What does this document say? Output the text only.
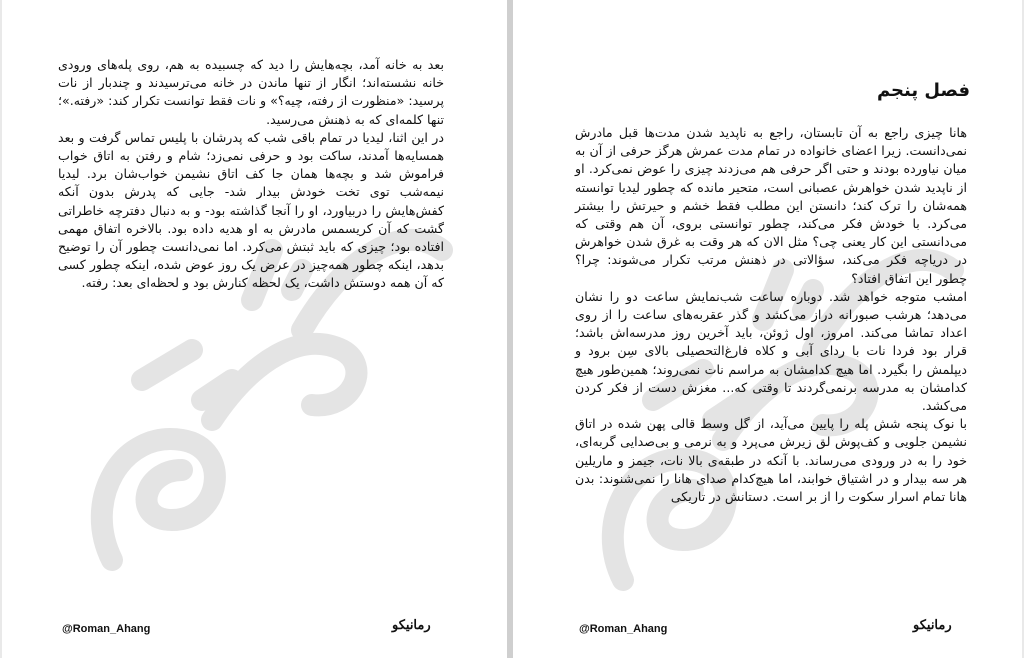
بعد به خانه آمد، بچه‌هایش را دید که چسبیده به هم، روی پله‌های ورودی خانه نشسته‌اند؛ انگار از تنها ماندن در خانه می‌ترسیدند و چندبار از نات پرسید: «منظورت از رفته، چیه؟» و نات فقط توانست تکرار کند: «رفته.»؛ تنها کلمه‌ای که به ذهنش می‌رسید.

در این اثنا، لیدیا در تمام باقی شب که پدرشان با پلیس تماس گرفت و بعد همسایه‌ها آمدند، ساکت بود و حرفی نمی‌زد؛ شام و رفتن به اتاق خواب فراموش شد و بچه‌ها همان جا کف اتاق نشیمن خواب‌شان برد. لیدیا نیمه‌شب توی تخت خودش بیدار شد- جایی که پدرش بدون آنکه کفش‌هایش را دربیاورد، او را آنجا گذاشته بود- و به دنبال دفترچه خاطراتی گشت که آن کریسمس مادرش به او هدیه داده بود. بالاخره اتفاق مهمی افتاده بود؛ چیزی که باید ثبتش می‌کرد. اما نمی‌دانست چطور آن را توضیح بدهد، اینکه چطور همه‌چیز در عرض یک روز عوض شده، اینکه چطور کسی که آن همه دوستش داشت، یک لحظه کنارش بود و لحظه‌ای بعد: رفته.

@Roman_Ahang	رمانیکو
فصل پنجم

هانا چیزی راجع به آن تابستان، راجع به ناپدید شدن مدت‌ها قبل مادرش نمی‌دانست. زیرا اعضای خانواده در تمام مدت عمرش هرگز حرفی از آن به میان نیاورده بودند و حتی اگر حرفی هم می‌زدند چیزی را عوض نمی‌کرد. او از ناپدید شدن خواهرش عصبانی است، متحیر مانده که چطور لیدیا توانسته همه‌شان را ترک کند؛ دانستن این مطلب فقط خشم و حیرتش را بیشتر می‌کرد. با خودش فکر می‌کند، چطور توانستی بروی، آن هم وقتی که می‌دانستی این کار یعنی چی؟ مثل الان که هر وقت به غرق شدن خواهرش در دریاچه فکر می‌کند، سؤالاتی در ذهنش مرتب تکرار می‌شوند: چرا؟ چطور این اتفاق افتاد؟

امشب متوجه خواهد شد. دوباره ساعت شب‌نمایش ساعت دو را نشان می‌دهد؛ هرشب صبورانه دراز می‌کشد و گذر عقربه‌های ساعت را از روی اعداد تماشا می‌کند. امروز، اول ژوئن، باید آخرین روز مدرسه‌اش باشد؛ قرار بود فردا نات با ردای آبی و کلاه فارغ‌التحصیلی بالای سِن برود و دیپلمش را بگیرد. اما هیچ کدامشان به مراسم نات نمی‌روند؛ همین‌طور هیچ کدامشان به مدرسه برنمی‌گردند تا وقتی که... مغزش دست از فکر کردن می‌کشد.

با نوک پنجه شش پله را پایین می‌آید، از گل وسط قالی پهن شده در اتاق نشیمن جلویی و کف‌پوش لق زیرش می‌پرد و به نرمی و بی‌صدایی گربه‌ای، خود را به در ورودی می‌رساند. با آنکه در طبقه‌ی بالا نات، جیمز و ماریلین هر سه بیدار و در اشتیاق خوابند، اما هیچ‌کدام صدای هانا را نمی‌شنوند: بدن هانا تمام اسرار سکوت را از بر است. دستانش در تاریکی

@Roman_Ahang	رمانیکو
